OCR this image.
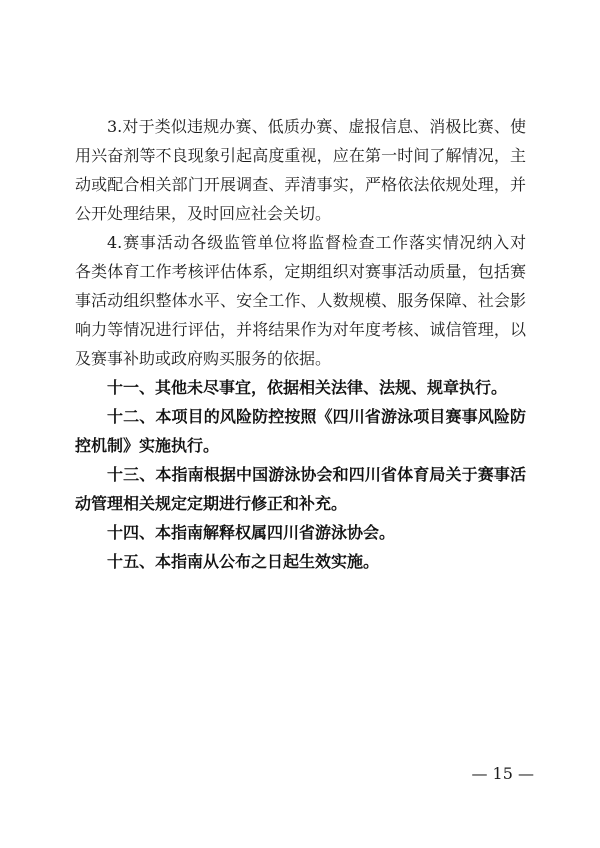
3.对于类似违规办赛、低质办赛、虚报信息、消极比赛、使
用兴奋剂等不良现象引起高度重视，应在第一时间了解情况，主
动或配合相关部门开展调查、弄清事实，严格依法依规处理，并
公开处理结果，及时回应社会关切。
4.赛事活动各级监管单位将监督检查工作落实情况纳入对
各类体育工作考核评估体系，定期组织对赛事活动质量，包括赛
事活动组织整体水平、安全工作、人数规模、服务保障、社会影
响力等情况进行评估，并将结果作为对年度考核、诚信管理，以
及赛事补助或政府购买服务的依据。
十一、其他未尽事宜，依据相关法律、法规、规章执行。
十二、本项目的风险防控按照《四川省游泳项目赛事风险防
控机制》实施执行。
十三、本指南根据中国游泳协会和四川省体育局关于赛事活
动管理相关规定定期进行修正和补充。
十四、本指南解释权属四川省游泳协会。
十五、本指南从公布之日起生效实施。
— 15 —
